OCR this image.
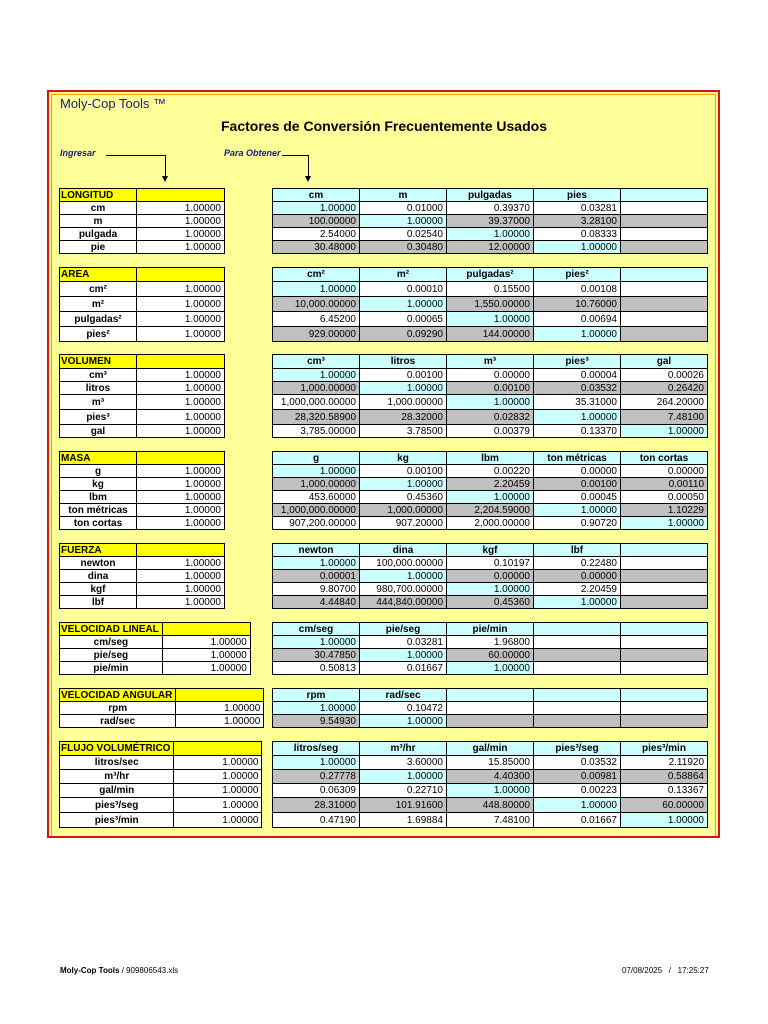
Moly-Cop Tools ™
Factores de Conversión Frecuentemente Usados
Ingresar	Para Obtener
LONGITUD	
cm	1.00000
m	1.00000
pulgada	1.00000
pie	1.00000
cm	m	pulgadas	pies	
1.00000	0.01000	0.39370	0.03281	
100.00000	1.00000	39.37000	3.28100	
2.54000	0.02540	1.00000	0.08333	
30.48000	0.30480	12.00000	1.00000	
AREA	
cm²	1.00000
m²	1.00000
pulgadas²	1.00000
pies²	1.00000
cm²	m²	pulgadas²	pies²	
1.00000	0.00010	0.15500	0.00108	
10,000.00000	1.00000	1,550.00000	10.76000	
6.45200	0.00065	1.00000	0.00694	
929.00000	0.09290	144.00000	1.00000	
VOLUMEN	
cm³	1.00000
litros	1.00000
m³	1.00000
pies³	1.00000
gal	1.00000
cm³	litros	m³	pies³	gal
1.00000	0.00100	0.00000	0.00004	0.00026
1,000.00000	1.00000	0.00100	0.03532	0.26420
1,000,000.00000	1,000.00000	1.00000	35.31000	264.20000
28,320.58900	28.32000	0.02832	1.00000	7.48100
3,785.00000	3.78500	0.00379	0.13370	1.00000
MASA	
g	1.00000
kg	1.00000
lbm	1.00000
ton métricas	1.00000
ton cortas	1.00000
g	kg	lbm	ton métricas	ton cortas
1.00000	0.00100	0.00220	0.00000	0.00000
1,000.00000	1.00000	2.20459	0.00100	0.00110
453.60000	0.45360	1.00000	0.00045	0.00050
1,000,000.00000	1,000.00000	2,204.59000	1.00000	1.10229
907,200.00000	907.20000	2,000.00000	0.90720	1.00000
FUERZA	
newton	1.00000
dina	1.00000
kgf	1.00000
lbf	1.00000
newton	dina	kgf	lbf	
1.00000	100,000.00000	0.10197	0.22480	
0.00001	1.00000	0.00000	0.00000	
9.80700	980,700.00000	1.00000	2.20459	
4.44840	444,840.00000	0.45360	1.00000	
VELOCIDAD LINEAL	
cm/seg	1.00000
pie/seg	1.00000
pie/min	1.00000
cm/seg	pie/seg	pie/min		
1.00000	0.03281	1.96800		
30.47850	1.00000	60.00000		
0.50813	0.01667	1.00000		
VELOCIDAD ANGULAR	
rpm	1.00000
rad/sec	1.00000
rpm	rad/sec			
1.00000	0.10472			
9.54930	1.00000			
FLUJO VOLUMÉTRICO	
litros/sec	1.00000
m³/hr	1.00000
gal/min	1.00000
pies³/seg	1.00000
pies³/min	1.00000
litros/seg	m³/hr	gal/min	pies³/seg	pies³/min
1.00000	3.60000	15.85000	0.03532	2.11920
0.27778	1.00000	4.40300	0.00981	0.58864
0.06309	0.22710	1.00000	0.00223	0.13367
28.31000	101.91600	448.80000	1.00000	60.00000
0.47190	1.69884	7.48100	0.01667	1.00000
Moly-Cop Tools / 909806543.xls	07/08/2025 / 17:25:27
